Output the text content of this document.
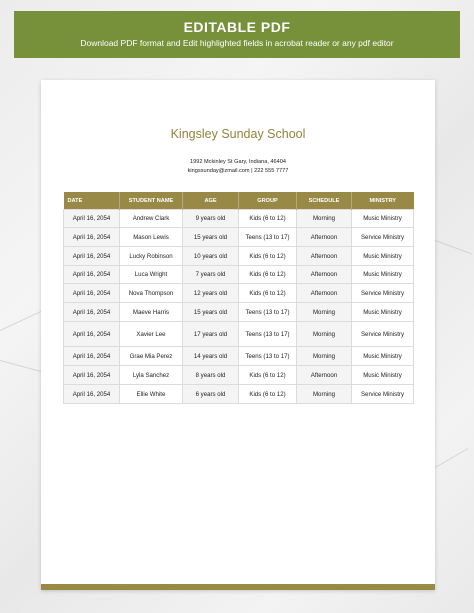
EDITABLE PDF
Download PDF format and Edit highlighted fields in acrobat reader or any pdf editor
Kingsley Sunday School
1992 Mckinley St Gary, Indiana, 46404
kingssunday@zmail.com | 222 555 7777
DATE	STUDENT NAME	AGE	GROUP	SCHEDULE	MINISTRY
April 16, 2054	Andrew Clark	9 years old	Kids (6 to 12)	Morning	Music Ministry
April 16, 2054	Mason Lewis	15 years old	Teens (13 to 17)	Afternoon	Service Ministry
April 16, 2054	Lucky Robinson	10 years old	Kids (6 to 12)	Afternoon	Music Ministry
April 16, 2054	Luca Wright	7 years old	Kids (6 to 12)	Afternoon	Music Ministry
April 16, 2054	Nova Thompson	12 years old	Kids (6 to 12)	Afternoon	Service Ministry
April 16, 2054	Maeve Harris	15 years old	Teens (13 to 17)	Morning	Music Ministry
April 16, 2054	Xavier Lee	17 years old	Teens (13 to 17)	Morning	Service Ministry
April 16, 2054	Grae Mia Perez	14 years old	Teens (13 to 17)	Morning	Music Ministry
April 16, 2054	Lyla Sanchez	8 years old	Kids (6 to 12)	Afternoon	Music Ministry
April 16, 2054	Ellie White	6 years old	Kids (6 to 12)	Morning	Service Ministry
